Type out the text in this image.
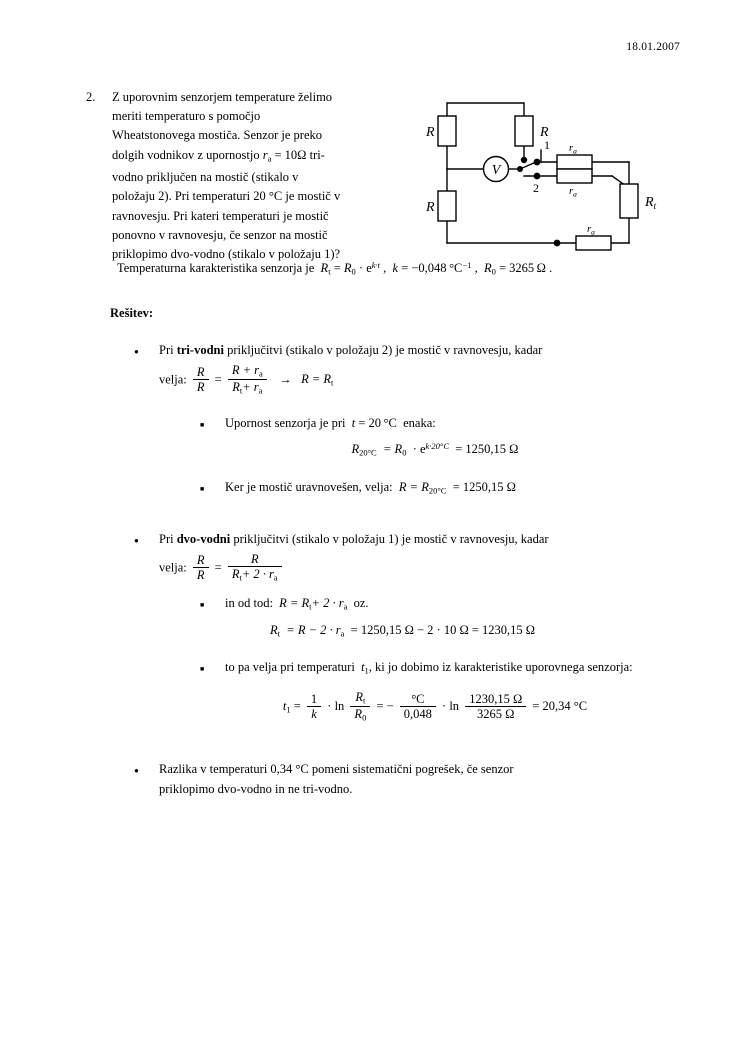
18.01.2007
2.	Z uporovnim senzorjem temperature želimo
meriti temperaturo s pomočjo
Wheatstonovega mostiča. Senzor je preko
dolgih vodnikov z upornostjo $r_a = 10\Omega$ tri-
vodno priključen na mostič (stikalo v
položaju 2). Pri temperaturi 20 °C je mostič v
ravnovesju. Pri kateri temperaturi je mostič
ponovno v ravnovesju, če senzor na mostič
priklopimo dvo-vodno (stikalo v položaju 1)?
Temperaturna karakteristika senzorja je $R_t = R_0 \cdot e^{k\cdot t}$ ,  k = −0,048 $^\circ C^{-1}$ ,  $R_0 = 3265$ Ω .
V
R	R
R	$R_t$
$r_a$
$r_a$
$r_a$
1
2
Rešitev:
●
Pri tri-vodni priključitvi (stikalo v položaju 2) je mostič v ravnovesju, kadar
velja: $\frac{R}{R} = \frac{R + r_a}{R_t+ r_a} \to R = R_t$
■
Upornost senzorja je pri t = 20 °C enaka:
$R_{20^\circ C} = R_0 \cdot e^{k\cdot 20^\circ C} = 1250,15$ Ω
■
Ker je mostič uravnovešen, velja: $R = R_{20^\circ C} = 1250,15$ Ω
●
Pri dvo-vodni priključitvi (stikalo v položaju 1) je mostič v ravnovesju, kadar
velja: $\frac{R}{R} = \frac{R}{R_t+ 2 \cdot r_a}$
■
in od tod: $R = R_t+ 2 \cdot r_a$ oz.
$R_t = R - 2 \cdot r_a = 1250,15$ Ω − 2 · 10 Ω = 1230,15 Ω
■
to pa velja pri temperaturi $t_1$, ki jo dobimo iz karakteristike uporovnega senzorja:
$t_1 = \frac{1}{k} \cdot \ln \frac{R_t}{R_0}$ = − $\frac{^\circ C}{0,048} \cdot \ln \frac{1230,15 \Omega}{3265 \Omega} = 20,34$ °C
●
Razlika v temperaturi 0,34 °C pomeni sistematični pogrešek, če senzor
priklopimo dvo-vodno in ne tri-vodno.
